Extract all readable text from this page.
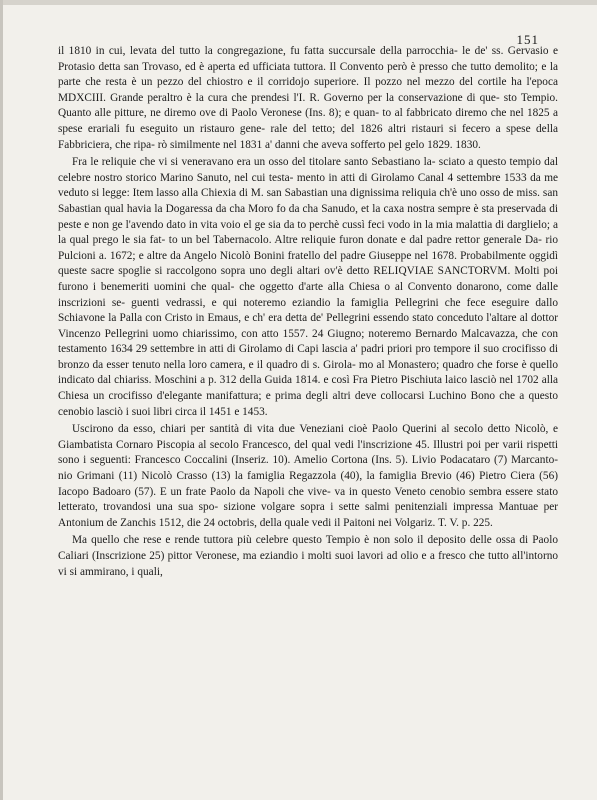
151

il 1810 in cui, levata del tutto la congregazione, fu fatta succursale della parrocchia- le de' ss. Gervasio e Protasio detta san Trovaso, ed è aperta ed ufficiata tuttora. Il Convento però è presso che tutto demolito; e la parte che resta è un pezzo del chiostro e il corridojo superiore. Il pozzo nel mezzo del cortile ha l'epoca MDXCIII. Grande peraltro è la cura che prendesi l'I. R. Governo per la conservazione di que- sto Tempio. Quanto alle pitture, ne diremo ove di Paolo Veronese (Ins. 8); e quan- to al fabbricato diremo che nel 1825 a spese erariali fu eseguito un ristauro gene- rale del tetto; del 1826 altri ristauri si fecero a spese della Fabbriciera, che ripa- rò similmente nel 1831 a' danni che aveva sofferto pel gelo 1829. 1830.

Fra le reliquie che vi si veneravano era un osso del titolare santo Sebastiano la- sciato a questo tempio dal celebre nostro storico Marino Sanuto, nel cui testa- mento in atti di Girolamo Canal 4 settembre 1533 da me veduto si legge: Item lasso alla Chiexia di M. san Sabastian una dignissima reliquia ch'è uno osso de miss. san Sabastian qual havia la Dogaressa da cha Moro fo da cha Sanudo, et la caxa nostra sempre è sta preservada di peste e non ge l'avendo dato in vita voio el ge sia da to perchè cussì feci vodo in la mia malattia di darglielo; a la qual prego le sia fat- to un bel Tabernacolo. Altre reliquie furon donate e dal padre rettor generale Da- rio Pulcioni a. 1672; e altre da Angelo Nicolò Bonini fratello del padre Giuseppe nel 1678. Probabilmente oggidì queste sacre spoglie si raccolgono sopra uno degli altari ov'è detto RELIQVIAE SANCTORVM. Molti poi furono i benemeriti uomini che qual- che oggetto d'arte alla Chiesa o al Convento donarono, come dalle inscrizioni se- guenti vedrassi, e qui noteremo eziandio la famiglia Pellegrini che fece eseguire dallo Schiavone la Palla con Cristo in Emaus, e ch' era detta de' Pellegrini essendo stato conceduto l'altare al dottor Vincenzo Pellegrini uomo chiarissimo, con atto 1557. 24 Giugno; noteremo Bernardo Malcavazza, che con testamento 1634 29 settembre in atti di Girolamo di Capi lascia a' padri priori pro tempore il suo crocifisso di bronzo da esser tenuto nella loro camera, e il quadro di s. Girola- mo al Monastero; quadro che forse è quello indicato dal chiariss. Moschini a p. 312 della Guida 1814. e così Fra Pietro Pischiuta laico lasciò nel 1702 alla Chiesa un crocifisso d'elegante manifattura; e prima degli altri deve collocarsi Luchino Bono che a questo cenobio lasciò i suoi libri circa il 1451 e 1453.

Uscirono da esso, chiari per santità di vita due Veneziani cioè Paolo Querini al secolo detto Nicolò, e Giambatista Cornaro Piscopia al secolo Francesco, del qual vedi l'inscrizione 45. Illustri poi per varii rispetti sono i seguenti: Francesco Coccalini (Inseriz. 10). Amelio Cortona (Ins. 5). Livio Podacataro (7) Marcanto- nio Grimani (11) Nicolò Crasso (13) la famiglia Regazzola (40), la famiglia Brevio (46) Pietro Ciera (56) Iacopo Badoaro (57). E un frate Paolo da Napoli che vive- va in questo Veneto cenobio sembra essere stato letterato, trovandosi una sua spo- sizione volgare sopra i sette salmi penitenziali impressa Mantuae per Antonium de Zanchis 1512, die 24 octobris, della quale vedi il Paitoni nei Volgariz. T. V. p. 225.

Ma quello che rese e rende tuttora più celebre questo Tempio è non solo il deposito delle ossa di Paolo Caliari (Inscrizione 25) pittor Veronese, ma eziandio i molti suoi lavori ad olio e a fresco che tutto all'intorno vi si ammirano, i quali,
